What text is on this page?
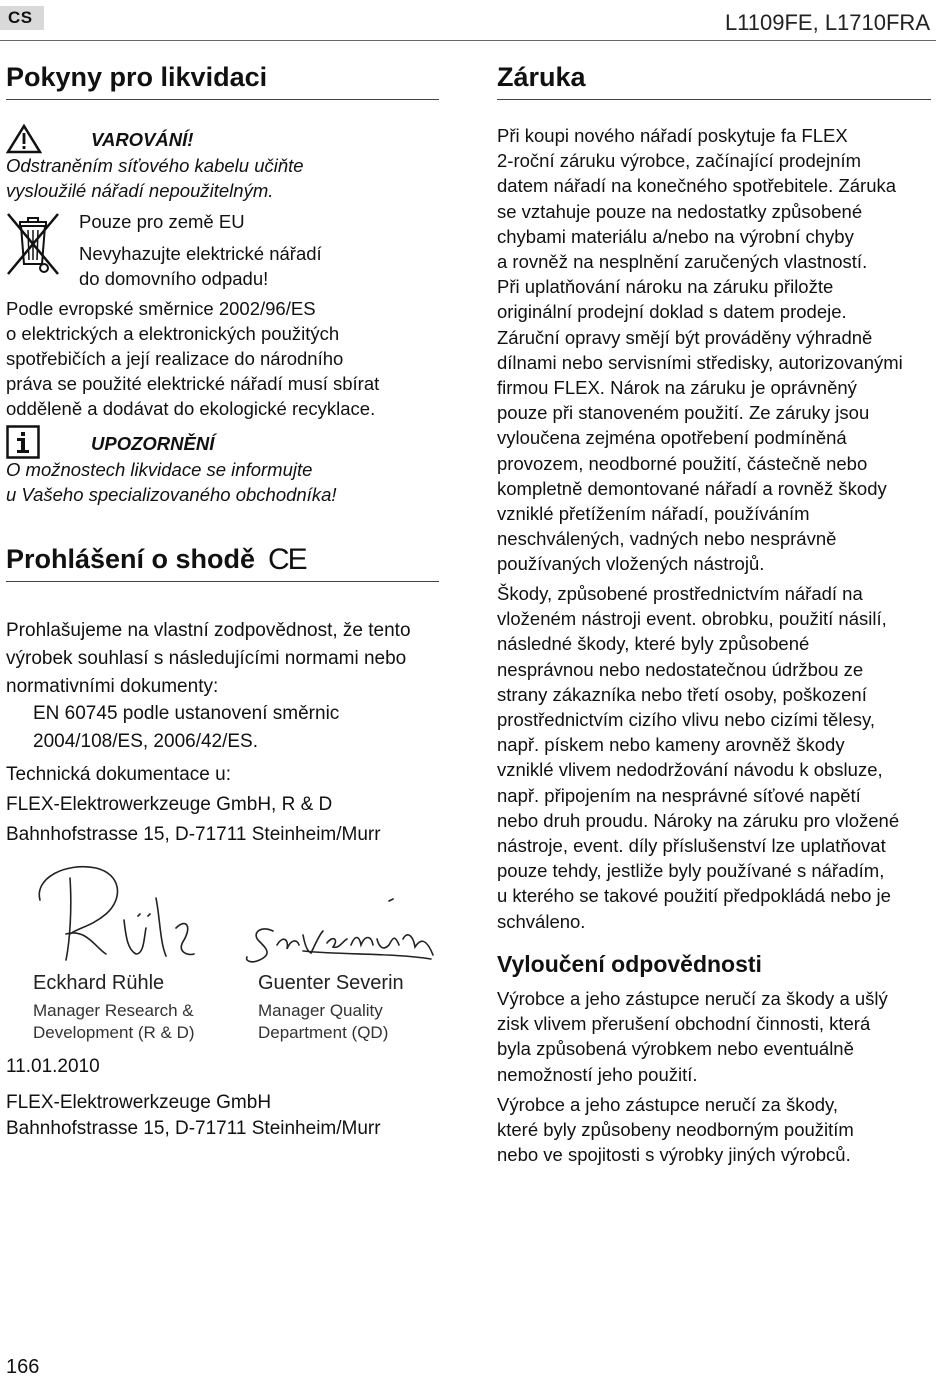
CS	L1109FE, L1710FRA
Pokyny pro likvidaci
VAROVÁNÍ!
Odstraněním síťového kabelu učiňte
vysloužilé nářadí nepoužitelným.
Pouze pro země EU
Nevyhazujte elektrické nářadí
do domovního odpadu!
Podle evropské směrnice 2002/96/ES
o elektrických a elektronických použitých
spotřebičích a její realizace do národního
práva se použité elektrické nářadí musí sbírat
odděleně a dodávat do ekologické recyklace.
UPOZORNĚNÍ
O možnostech likvidace se informujte
u Vašeho specializovaného obchodníka!
Prohlášení o shodě CE
Prohlašujeme na vlastní zodpovědnost, že tento
výrobek souhlasí s následujícími normami nebo
normativními dokumenty:
EN 60745 podle ustanovení směrnic
2004/108/ES, 2006/42/ES.
Technická dokumentace u:
FLEX-Elektrowerkzeuge GmbH, R & D
Bahnhofstrasse 15, D-71711 Steinheim/Murr
Eckhard Rühle
Manager Research &
Development (R & D)
Guenter Severin
Manager Quality
Department (QD)
11.01.2010
FLEX-Elektrowerkzeuge GmbH
Bahnhofstrasse 15, D-71711 Steinheim/Murr
Záruka
Při koupi nového nářadí poskytuje fa FLEX
2-roční záruku výrobce, začínající prodejním
datem nářadí na konečného spotřebitele. Záruka
se vztahuje pouze na nedostatky způsobené
chybami materiálu a/nebo na výrobní chyby
a rovněž na nesplnění zaručených vlastností.
Při uplatňování nároku na záruku přiložte
originální prodejní doklad s datem prodeje.
Záruční opravy smějí být prováděny výhradně
dílnami nebo servisními středisky, autorizovanými
firmou FLEX. Nárok na záruku je oprávněný
pouze při stanoveném použití. Ze záruky jsou
vyloučena zejména opotřebení podmíněná
provozem, neodborné použití, částečně nebo
kompletně demontované nářadí a rovněž škody
vzniklé přetížením nářadí, používáním
neschválených, vadných nebo nesprávně
používaných vložených nástrojů.
Škody, způsobené prostřednictvím nářadí na
vloženém nástroji event. obrobku, použití násilí,
následné škody, které byly způsobené
nesprávnou nebo nedostatečnou údržbou ze
strany zákazníka nebo třetí osoby, poškození
prostřednictvím cizího vlivu nebo cizími tělesy,
např. pískem nebo kameny arovněž škody
vzniklé vlivem nedodržování návodu k obsluze,
např. připojením na nesprávné síťové napětí
nebo druh proudu. Nároky na záruku pro vložené
nástroje, event. díly příslušenství lze uplatňovat
pouze tehdy, jestliže byly používané s nářadím,
u kterého se takové použití předpokládá nebo je
schváleno.
Vyloučení odpovědnosti
Výrobce a jeho zástupce neručí za škody a ušlý
zisk vlivem přerušení obchodní činnosti, která
byla způsobená výrobkem nebo eventuálně
nemožností jeho použití.
Výrobce a jeho zástupce neručí za škody,
které byly způsobeny neodborným použitím
nebo ve spojitosti s výrobky jiných výrobců.
166
